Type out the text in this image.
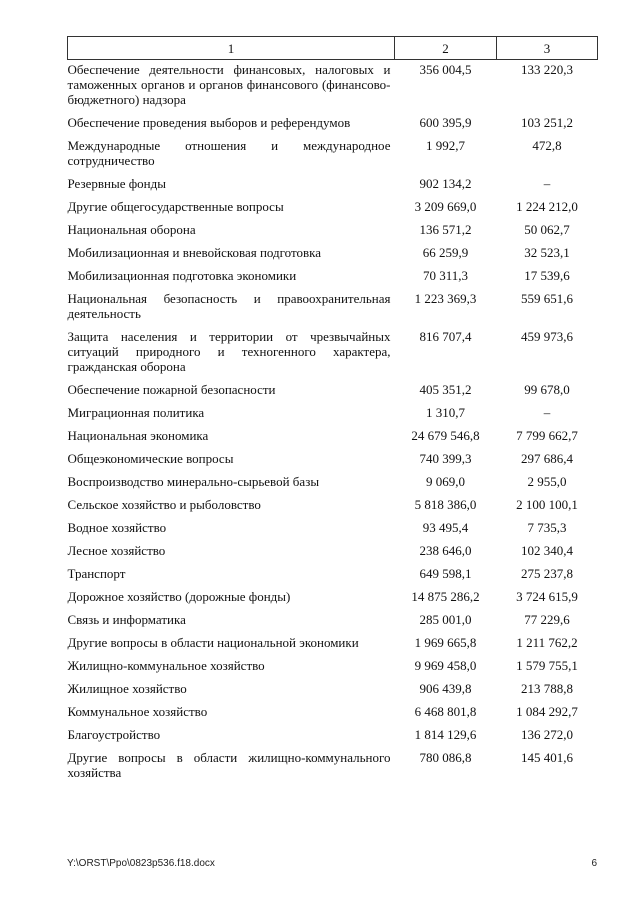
1	2	3
Обеспечение деятельности финансовых, налоговых и таможенных органов и органов финансового (финансово-бюджетного) надзора	356 004,5	133 220,3
Обеспечение проведения выборов и референдумов	600 395,9	103 251,2
Международные отношения и международное сотрудничество	1 992,7	472,8
Резервные фонды	902 134,2	–
Другие общегосударственные вопросы	3 209 669,0	1 224 212,0
Национальная оборона	136 571,2	50 062,7
Мобилизационная и вневойсковая подготовка	66 259,9	32 523,1
Мобилизационная подготовка экономики	70 311,3	17 539,6
Национальная безопасность и правоохранительная деятельность	1 223 369,3	559 651,6
Защита населения и территории от чрезвычайных ситуаций природного и техногенного характера, гражданская оборона	816 707,4	459 973,6
Обеспечение пожарной безопасности	405 351,2	99 678,0
Миграционная политика	1 310,7	–
Национальная экономика	24 679 546,8	7 799 662,7
Общеэкономические вопросы	740 399,3	297 686,4
Воспроизводство минерально-сырьевой базы	9 069,0	2 955,0
Сельское хозяйство и рыболовство	5 818 386,0	2 100 100,1
Водное хозяйство	93 495,4	7 735,3
Лесное хозяйство	238 646,0	102 340,4
Транспорт	649 598,1	275 237,8
Дорожное хозяйство (дорожные фонды)	14 875 286,2	3 724 615,9
Связь и информатика	285 001,0	77 229,6
Другие вопросы в области национальной экономики	1 969 665,8	1 211 762,2
Жилищно-коммунальное хозяйство	9 969 458,0	1 579 755,1
Жилищное хозяйство	906 439,8	213 788,8
Коммунальное хозяйство	6 468 801,8	1 084 292,7
Благоустройство	1 814 129,6	136 272,0
Другие вопросы в области жилищно-коммунального хозяйства	780 086,8	145 401,6
Y:\ORST\Ppo\0823p536.f18.docx	6
